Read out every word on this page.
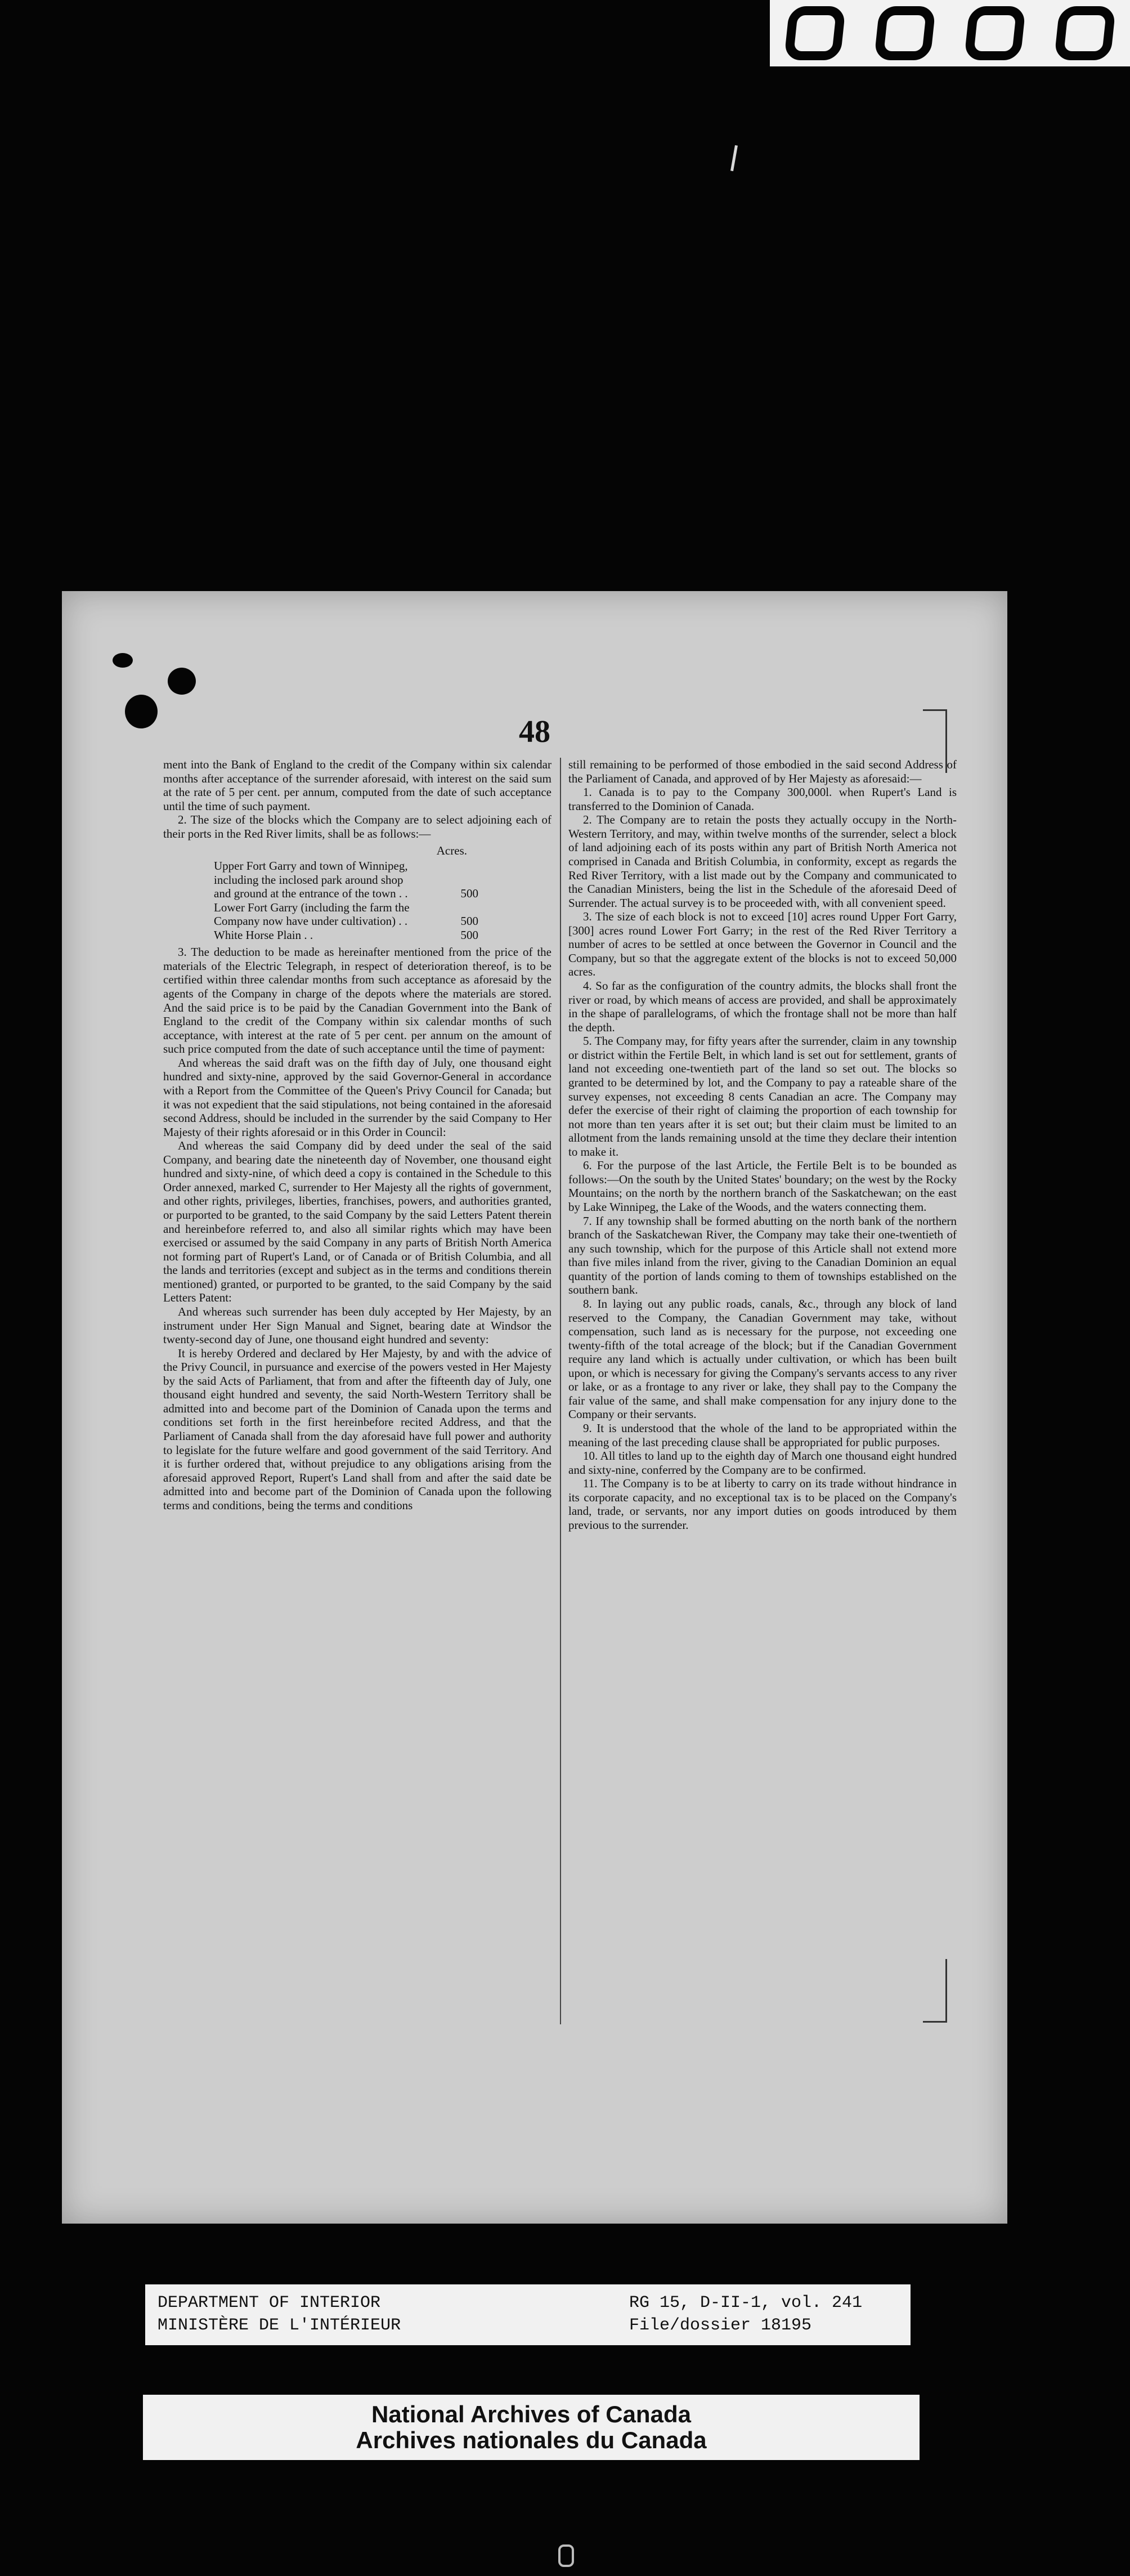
48

ment into the Bank of England to the credit of the Company within six calendar months after acceptance of the surrender aforesaid, with interest on the said sum at the rate of 5 per cent. per annum, computed from the date of such acceptance until the time of such payment.

2. The size of the blocks which the Company are to select adjoining each of their ports in the Red River limits, shall be as follows:—

Acres.
Upper Fort Garry and town of Winnipeg, including the inclosed park around shop and ground at the entrance of the town . .	500
Lower Fort Garry (including the farm the Company now have under cultivation) . .	500
White Horse Plain . .	500

3. The deduction to be made as hereinafter mentioned from the price of the materials of the Electric Telegraph, in respect of deterioration thereof, is to be certified within three calendar months from such acceptance as aforesaid by the agents of the Company in charge of the depots where the materials are stored. And the said price is to be paid by the Canadian Government into the Bank of England to the credit of the Company within six calendar months of such acceptance, with interest at the rate of 5 per cent. per annum on the amount of such price computed from the date of such acceptance until the time of payment:

And whereas the said draft was on the fifth day of July, one thousand eight hundred and sixty-nine, approved by the said Governor-General in accordance with a Report from the Committee of the Queen's Privy Council for Canada; but it was not expedient that the said stipulations, not being contained in the aforesaid second Address, should be included in the surrender by the said Company to Her Majesty of their rights aforesaid or in this Order in Council:

And whereas the said Company did by deed under the seal of the said Company, and bearing date the nineteenth day of November, one thousand eight hundred and sixty-nine, of which deed a copy is contained in the Schedule to this Order annexed, marked C, surrender to Her Majesty all the rights of government, and other rights, privileges, liberties, franchises, powers, and authorities granted, or purported to be granted, to the said Company by the said Letters Patent therein and hereinbefore referred to, and also all similar rights which may have been exercised or assumed by the said Company in any parts of British North America not forming part of Rupert's Land, or of Canada or of British Columbia, and all the lands and territories (except and subject as in the terms and conditions therein mentioned) granted, or purported to be granted, to the said Company by the said Letters Patent:

And whereas such surrender has been duly accepted by Her Majesty, by an instrument under Her Sign Manual and Signet, bearing date at Windsor the twenty-second day of June, one thousand eight hundred and seventy:

It is hereby Ordered and declared by Her Majesty, by and with the advice of the Privy Council, in pursuance and exercise of the powers vested in Her Majesty by the said Acts of Parliament, that from and after the fifteenth day of July, one thousand eight hundred and seventy, the said North-Western Territory shall be admitted into and become part of the Dominion of Canada upon the terms and conditions set forth in the first hereinbefore recited Address, and that the Parliament of Canada shall from the day aforesaid have full power and authority to legislate for the future welfare and good government of the said Territory. And it is further ordered that, without prejudice to any obligations arising from the aforesaid approved Report, Rupert's Land shall from and after the said date be admitted into and become part of the Dominion of Canada upon the following terms and conditions, being the terms and conditions

still remaining to be performed of those embodied in the said second Address of the Parliament of Canada, and approved of by Her Majesty as aforesaid:—

1. Canada is to pay to the Company 300,000l. when Rupert's Land is transferred to the Dominion of Canada.

2. The Company are to retain the posts they actually occupy in the North-Western Territory, and may, within twelve months of the surrender, select a block of land adjoining each of its posts within any part of British North America not comprised in Canada and British Columbia, in conformity, except as regards the Red River Territory, with a list made out by the Company and communicated to the Canadian Ministers, being the list in the Schedule of the aforesaid Deed of Surrender. The actual survey is to be proceeded with, with all convenient speed.

3. The size of each block is not to exceed [10] acres round Upper Fort Garry, [300] acres round Lower Fort Garry; in the rest of the Red River Territory a number of acres to be settled at once between the Governor in Council and the Company, but so that the aggregate extent of the blocks is not to exceed 50,000 acres.

4. So far as the configuration of the country admits, the blocks shall front the river or road, by which means of access are provided, and shall be approximately in the shape of parallelograms, of which the frontage shall not be more than half the depth.

5. The Company may, for fifty years after the surrender, claim in any township or district within the Fertile Belt, in which land is set out for settlement, grants of land not exceeding one-twentieth part of the land so set out. The blocks so granted to be determined by lot, and the Company to pay a rateable share of the survey expenses, not exceeding 8 cents Canadian an acre. The Company may defer the exercise of their right of claiming the proportion of each township for not more than ten years after it is set out; but their claim must be limited to an allotment from the lands remaining unsold at the time they declare their intention to make it.

6. For the purpose of the last Article, the Fertile Belt is to be bounded as follows:—On the south by the United States' boundary; on the west by the Rocky Mountains; on the north by the northern branch of the Saskatchewan; on the east by Lake Winnipeg, the Lake of the Woods, and the waters connecting them.

7. If any township shall be formed abutting on the north bank of the northern branch of the Saskatchewan River, the Company may take their one-twentieth of any such township, which for the purpose of this Article shall not extend more than five miles inland from the river, giving to the Canadian Dominion an equal quantity of the portion of lands coming to them of townships established on the southern bank.

8. In laying out any public roads, canals, &c., through any block of land reserved to the Company, the Canadian Government may take, without compensation, such land as is necessary for the purpose, not exceeding one twenty-fifth of the total acreage of the block; but if the Canadian Government require any land which is actually under cultivation, or which has been built upon, or which is necessary for giving the Company's servants access to any river or lake, or as a frontage to any river or lake, they shall pay to the Company the fair value of the same, and shall make compensation for any injury done to the Company or their servants.

9. It is understood that the whole of the land to be appropriated within the meaning of the last preceding clause shall be appropriated for public purposes.

10. All titles to land up to the eighth day of March one thousand eight hundred and sixty-nine, conferred by the Company are to be confirmed.

11. The Company is to be at liberty to carry on its trade without hindrance in its corporate capacity, and no exceptional tax is to be placed on the Company's land, trade, or servants, nor any import duties on goods introduced by them previous to the surrender.

DEPARTMENT OF INTERIOR
MINISTÈRE DE L'INTÉRIEUR
RG 15, D-II-1, vol. 241
File/dossier 18195
National Archives of Canada
Archives nationales du Canada
